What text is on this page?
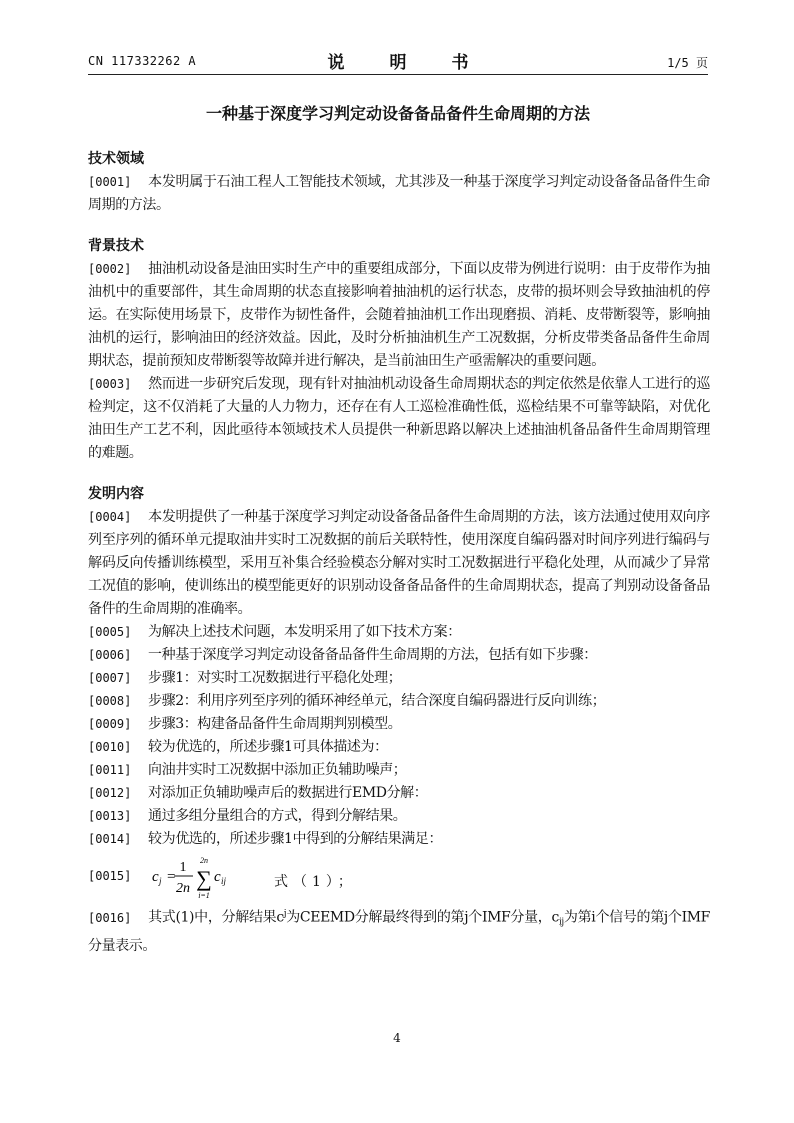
CN 117332262 A	说　明　书	1/5 页
一种基于深度学习判定动设备备品备件生命周期的方法
技术领域
[0001] 本发明属于石油工程人工智能技术领域，尤其涉及一种基于深度学习判定动设备备品备件生命周期的方法。
背景技术
[0002] 抽油机动设备是油田实时生产中的重要组成部分，下面以皮带为例进行说明：由于皮带作为抽油机中的重要部件，其生命周期的状态直接影响着抽油机的运行状态，皮带的损坏则会导致抽油机的停运。在实际使用场景下，皮带作为韧性备件，会随着抽油机工作出现磨损、消耗、皮带断裂等，影响抽油机的运行，影响油田的经济效益。因此，及时分析抽油机生产工况数据，分析皮带类备品备件生命周期状态，提前预知皮带断裂等故障并进行解决，是当前油田生产亟需解决的重要问题。
[0003] 然而进一步研究后发现，现有针对抽油机动设备生命周期状态的判定依然是依靠人工进行的巡检判定，这不仅消耗了大量的人力物力，还存在有人工巡检准确性低，巡检结果不可靠等缺陷，对优化油田生产工艺不利，因此亟待本领域技术人员提供一种新思路以解决上述抽油机备品备件生命周期管理的难题。
发明内容
[0004] 本发明提供了一种基于深度学习判定动设备备品备件生命周期的方法，该方法通过使用双向序列至序列的循环单元提取油井实时工况数据的前后关联特性，使用深度自编码器对时间序列进行编码与解码反向传播训练模型，采用互补集合经验模态分解对实时工况数据进行平稳化处理，从而减少了异常工况值的影响，使训练出的模型能更好的识别动设备备品备件的生命周期状态，提高了判别动设备备品备件的生命周期的准确率。
[0005] 为解决上述技术问题，本发明采用了如下技术方案：
[0006] 一种基于深度学习判定动设备备品备件生命周期的方法，包括有如下步骤：
[0007] 步骤1：对实时工况数据进行平稳化处理；
[0008] 步骤2：利用序列至序列的循环神经单元，结合深度自编码器进行反向训练；
[0009] 步骤3：构建备品备件生命周期判别模型。
[0010] 较为优选的，所述步骤1可具体描述为：
[0011] 向油井实时工况数据中添加正负辅助噪声；
[0012] 对添加正负辅助噪声后的数据进行EMD分解：
[0013] 通过多组分量组合的方式，得到分解结果。
[0014] 较为优选的，所述步骤1中得到的分解结果满足：
[0015] c j =
1
2n
2n
∑
i=1
c ij	式（1）；
[0016] 其式(1)中，分解结果$c^j$为CEEMD分解最终得到的第j个IMF分量，$c_{ij}$为第i个信号的第j个IMF分量表示。
4
